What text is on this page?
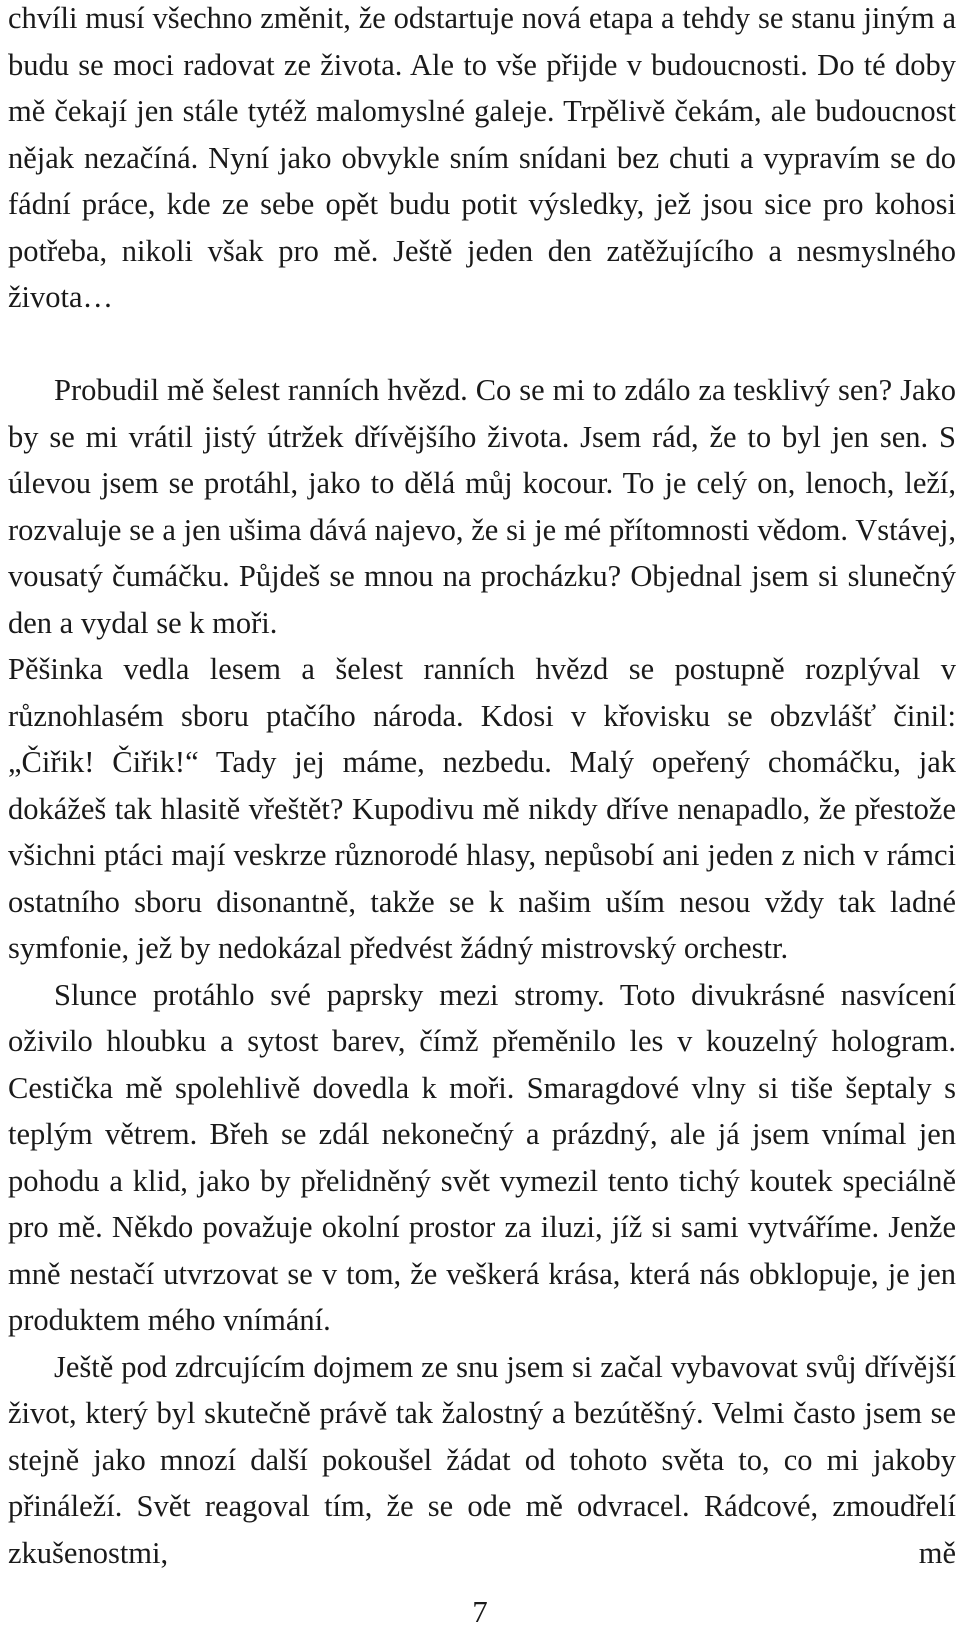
chvíli musí všechno změnit, že odstartuje nová etapa a tehdy se stanu jiným a budu se moci radovat ze života. Ale to vše přijde v budoucnosti. Do té doby mě čekají jen stále tytéž malomyslné galeje. Trpělivě čekám, ale budoucnost nějak nezačíná. Nyní jako obvykle sním snídani bez chuti a vypravím se do fádní práce, kde ze sebe opět budu potit výsledky, jež jsou sice pro kohosi potřeba, nikoli však pro mě. Ještě jeden den zatěžujícího a nesmyslného života…

Probudil mě šelest ranních hvězd. Co se mi to zdálo za tesklivý sen? Jako by se mi vrátil jistý útržek dřívějšího života. Jsem rád, že to byl jen sen. S úlevou jsem se protáhl, jako to dělá můj kocour. To je celý on, lenoch, leží, rozvaluje se a jen ušima dává najevo, že si je mé přítomnosti vědom. Vstávej, vousatý čumáčku. Půjdeš se mnou na procházku? Objednal jsem si slunečný den a vydal se k moři.

Pěšinka vedla lesem a šelest ranních hvězd se postupně rozplýval v různohlasém sboru ptačího národa. Kdosi v křovisku se obzvlášť činil: „Čiřik! Čiřik!“ Tady jej máme, nezbedu. Malý opeřený chomáčku, jak dokážeš tak hlasitě vřeštět? Kupodivu mě nikdy dříve nenapadlo, že přestože všichni ptáci mají veskrze různorodé hlasy, nepůsobí ani jeden z nich v rámci ostatního sboru disonantně, takže se k našim uším nesou vždy tak ladné symfonie, jež by nedokázal předvést žádný mistrovský orchestr.

Slunce protáhlo své paprsky mezi stromy. Toto divukrásné nasvícení oživilo hloubku a sytost barev, čímž přeměnilo les v kouzelný hologram. Cestička mě spolehlivě dovedla k moři. Smaragdové vlny si tiše šeptaly s teplým větrem. Břeh se zdál nekonečný a prázdný, ale já jsem vnímal jen pohodu a klid, jako by přelidněný svět vymezil tento tichý koutek speciálně pro mě. Někdo považuje okolní prostor za iluzi, jíž si sami vytváříme. Jenže mně nestačí utvrzovat se v tom, že veškerá krása, která nás obklopuje, je jen produktem mého vnímání.

Ještě pod zdrcujícím dojmem ze snu jsem si začal vybavovat svůj dřívější život, který byl skutečně právě tak žalostný a bezútěšný. Velmi často jsem se stejně jako mnozí další pokoušel žádat od tohoto světa to, co mi jakoby přináleží. Svět reagoval tím, že se ode mě odvracel. Rádcové, zmoudřelí zkušenostmi, mě

7
